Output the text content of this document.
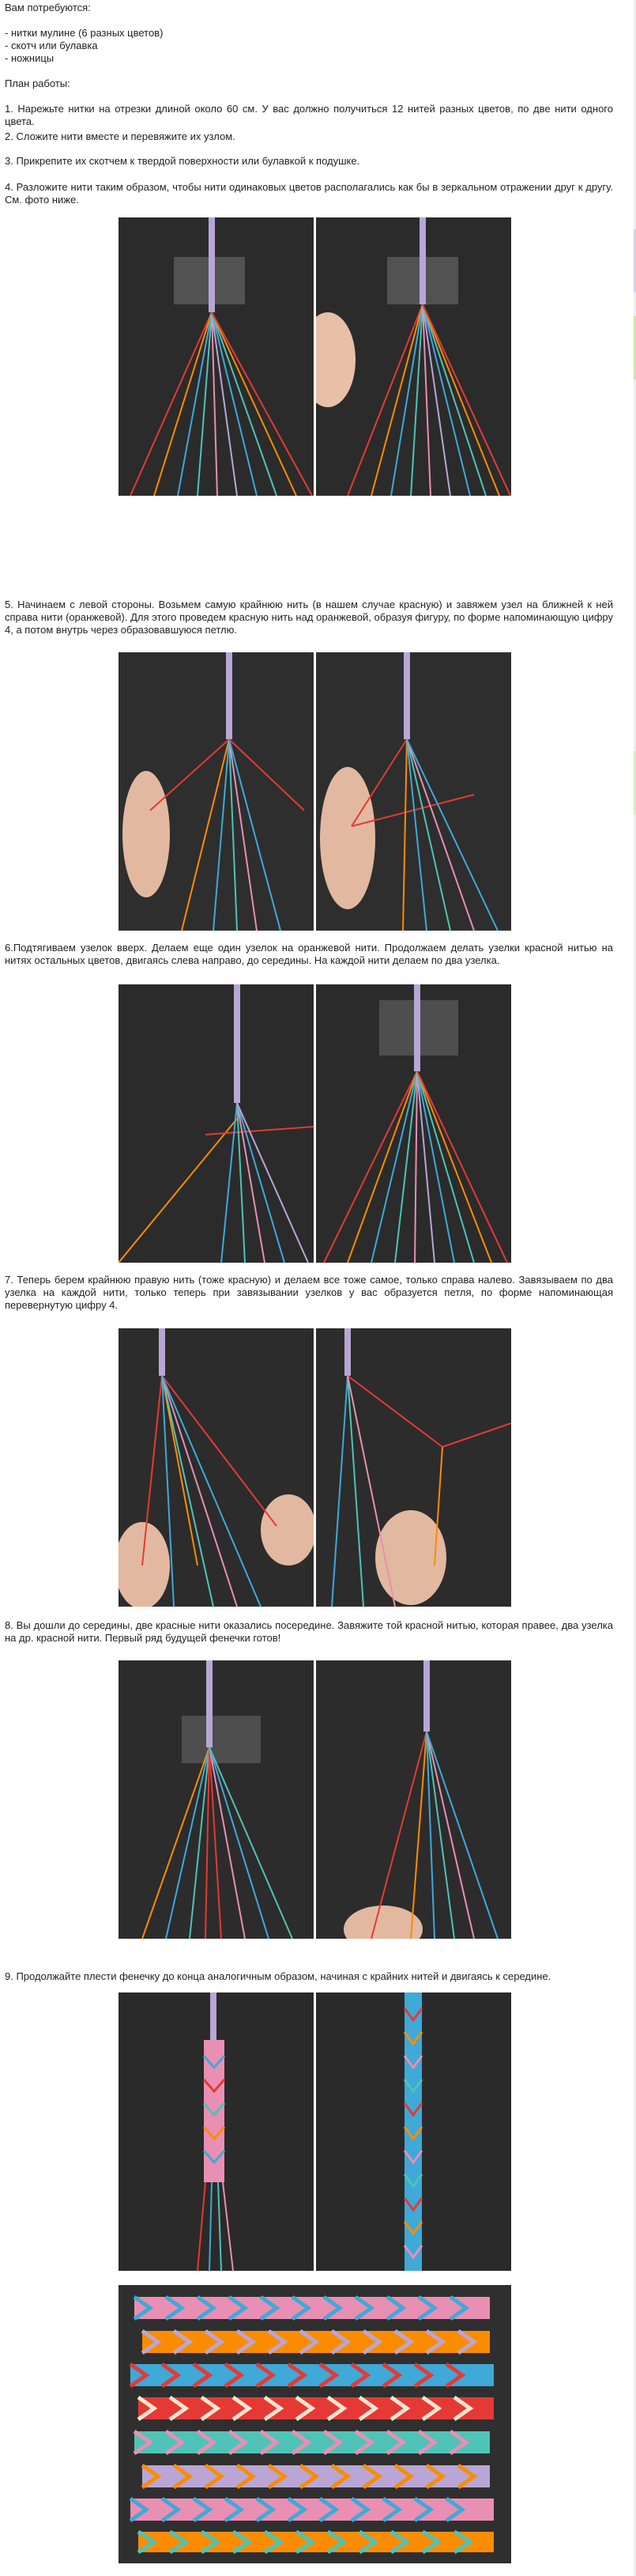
Вам потребуются:
- нитки мулине (6 разных цветов)
- скотч или булавка
- ножницы
План работы:
1. Нарежьте нитки на отрезки длиной около 60 см. У вас должно получиться 12 нитей разных цветов, по две нити одного цвета.
2. Сложите нити вместе и перевяжите их узлом.
3. Прикрепите их скотчем к твердой поверхности или булавкой к подушке.
4. Разложите нити таким образом, чтобы нити одинаковых цветов располагались как бы в зеркальном отражении друг к другу. См. фото ниже.
5. Начинаем с левой стороны. Возьмем самую крайнюю нить (в нашем случае красную) и завяжем узел на ближней к ней справа нити (оранжевой). Для этого проведем красную нить над оранжевой, образуя фигуру, по форме напоминающую цифру 4, а потом внутрь через образовавшуюся петлю.
6.Подтягиваем узелок вверх. Делаем еще один узелок на оранжевой нити. Продолжаем делать узелки красной нитью на нитях остальных цветов, двигаясь слева направо, до середины. На каждой нити делаем по два узелка.
7. Теперь берем крайнюю правую нить (тоже красную) и делаем все тоже самое, только справа налево. Завязываем по два узелка на каждой нити, только теперь при завязывании узелков у вас образуется петля, по форме напоминающая перевернутую цифру 4.
8. Вы дошли до середины, две красные нити оказались посередине. Завяжите той красной нитью, которая правее, два узелка на др. красной нити. Первый ряд будущей фенечки готов!
9. Продолжайте плести фенечку до конца аналогичным образом, начиная с крайних нитей и двигаясь к середине.
